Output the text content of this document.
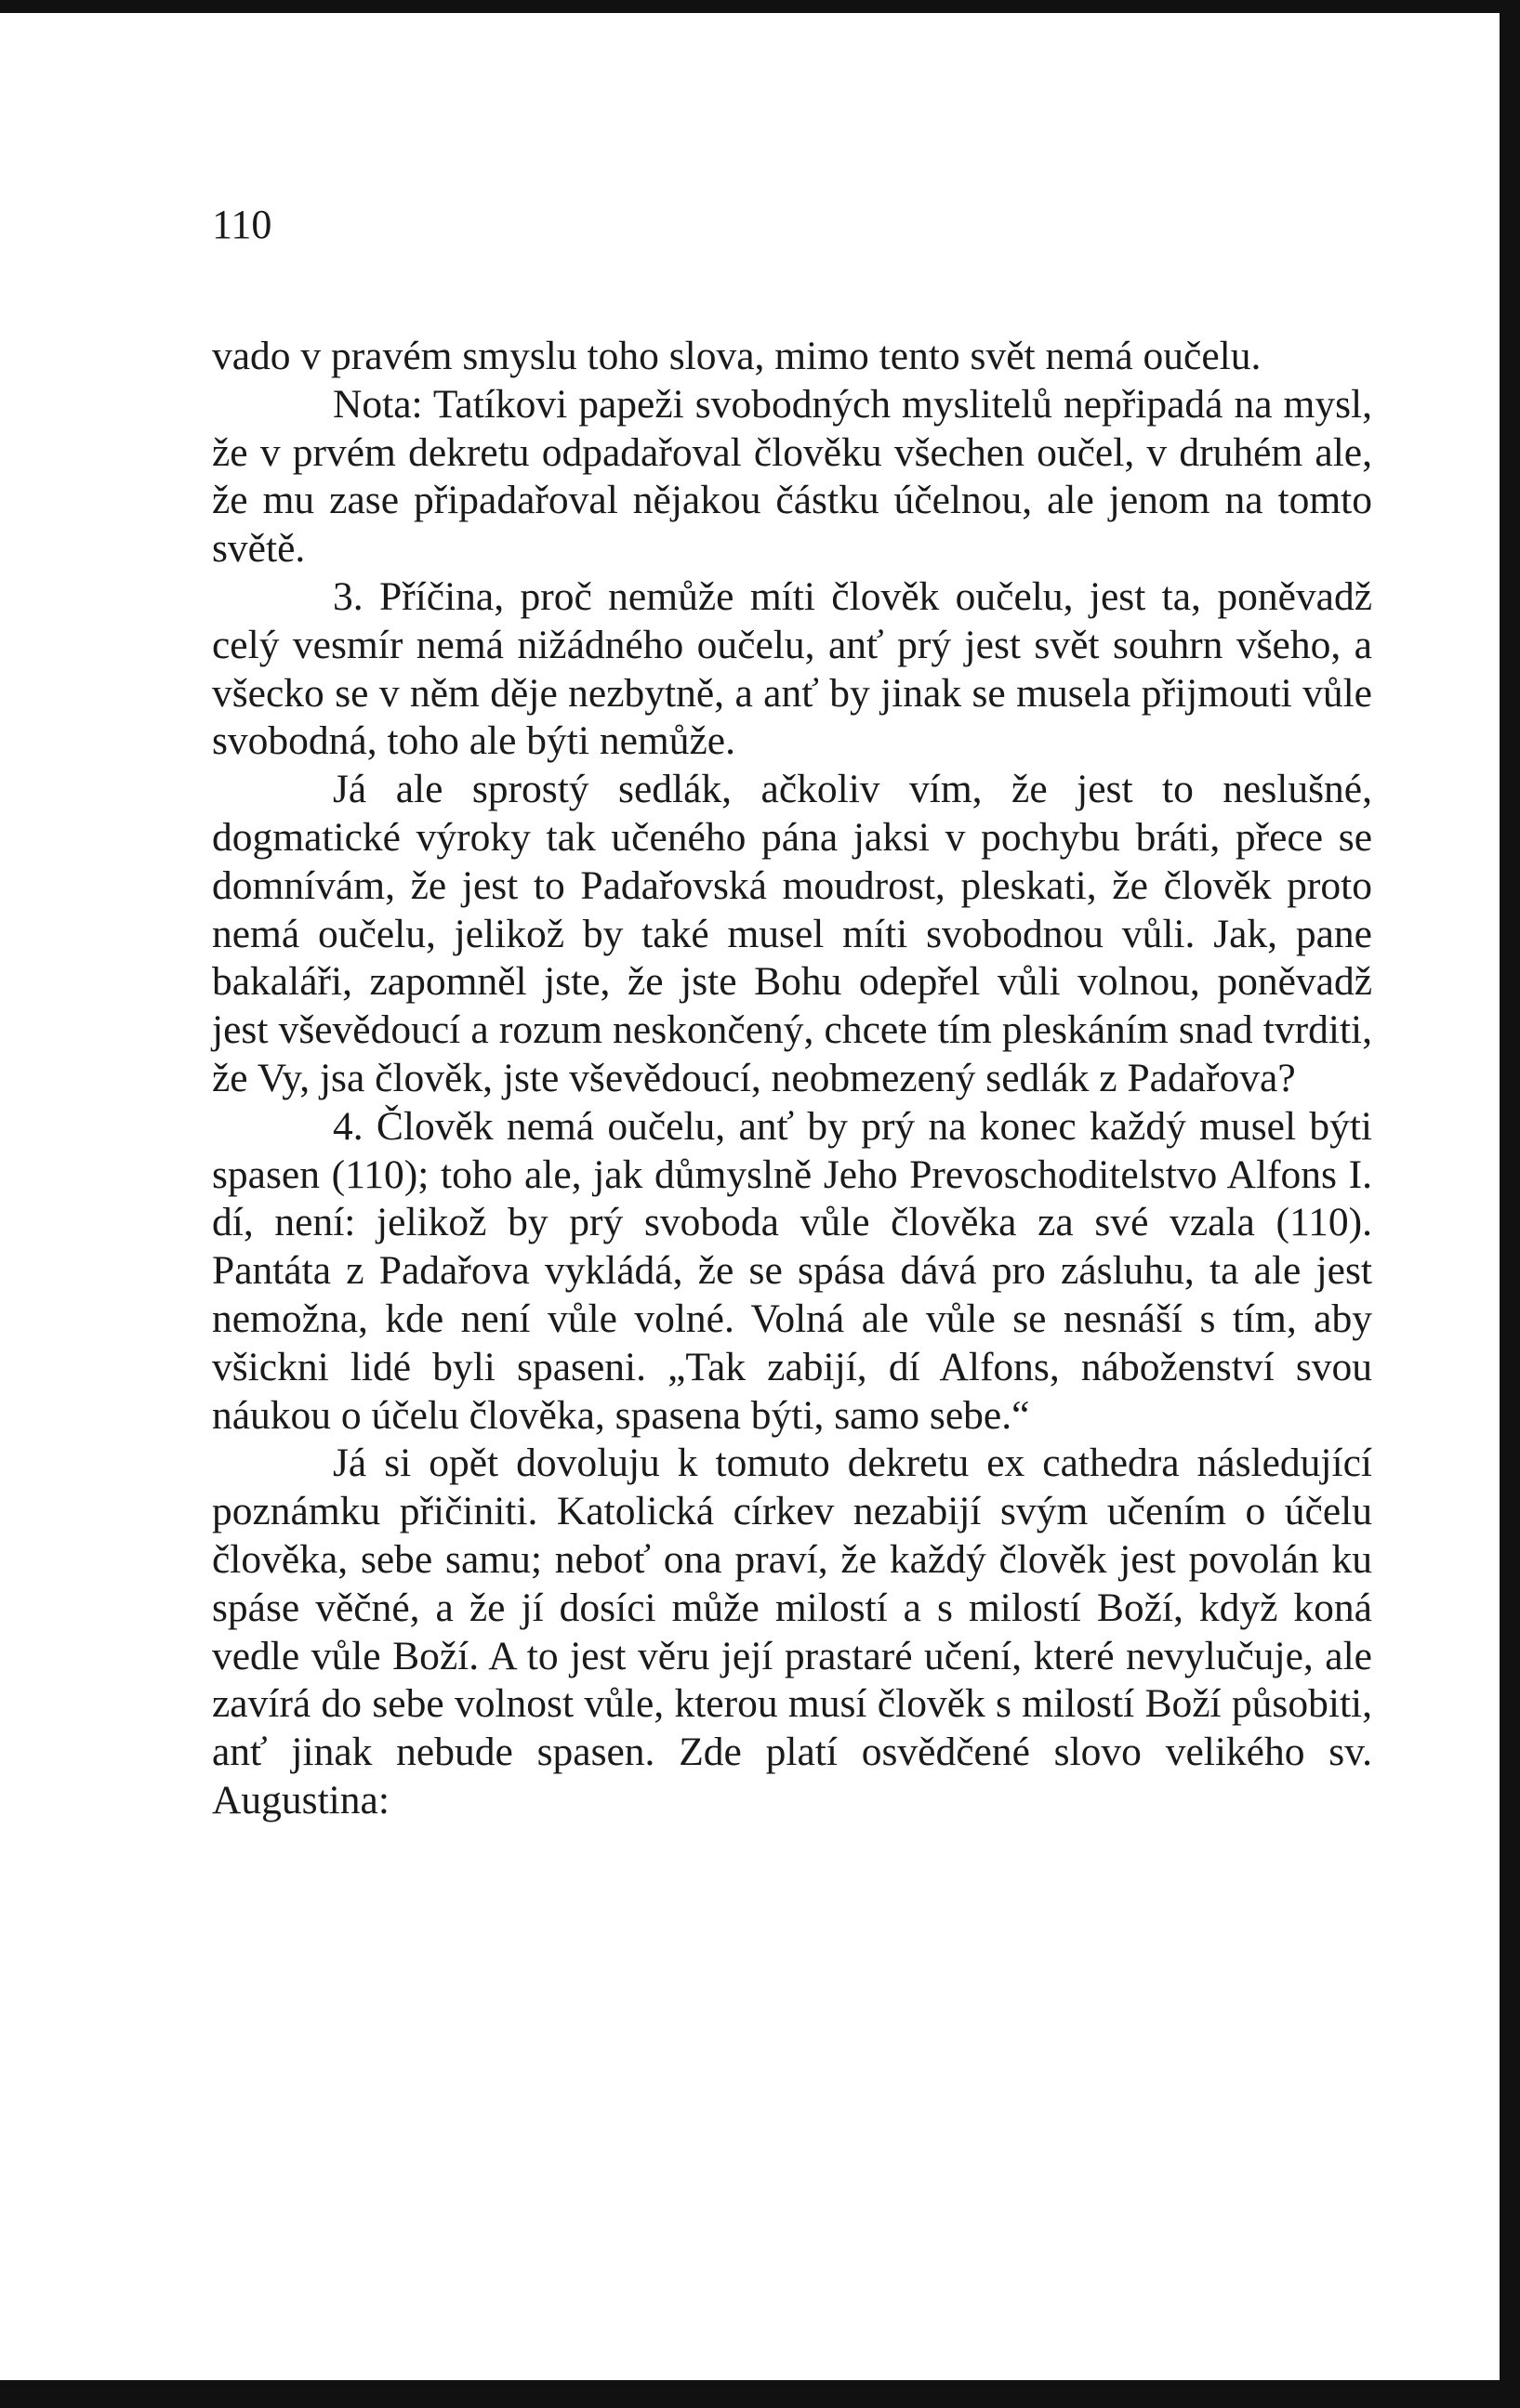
110

vado v pravém smyslu toho slova, mimo tento svět nemá oučelu.

Nota: Tatíkovi papeži svobodných myslitelů nepřipadá na mysl, že v prvém dekretu odpadařoval člověku všechen oučel, v druhém ale, že mu zase připadařoval nějakou částku účelnou, ale jenom na tomto světě.

3. Příčina, proč nemůže míti člověk oučelu, jest ta, poněvadž celý vesmír nemá nižádného oučelu, anť prý jest svět souhrn všeho, a všecko se v něm děje nezbytně, a anť by jinak se musela přijmouti vůle svobodná, toho ale býti nemůže.

Já ale sprostý sedlák, ačkoliv vím, že jest to neslušné, dogmatické výroky tak učeného pána jaksi v pochybu bráti, přece se domnívám, že jest to Padařovská moudrost, pleskati, že člověk proto nemá oučelu, jelikož by také musel míti svobodnou vůli. Jak, pane bakaláři, zapomněl jste, že jste Bohu odepřel vůli volnou, poněvadž jest vševědoucí a rozum neskončený, chcete tím pleskáním snad tvrditi, že Vy, jsa člověk, jste vševědoucí, neobmezený sedlák z Padařova?

4. Člověk nemá oučelu, anť by prý na konec každý musel býti spasen (110); toho ale, jak důmyslně Jeho Prevoschoditelstvo Alfons I. dí, není: jelikož by prý svoboda vůle člověka za své vzala (110). Pantáta z Padařova vykládá, že se spása dává pro zásluhu, ta ale jest nemožna, kde není vůle volné. Volná ale vůle se nesnáší s tím, aby všickni lidé byli spaseni. „Tak zabijí, dí Alfons, náboženství svou náukou o účelu člověka, spasena býti, samo sebe.“

Já si opět dovoluju k tomuto dekretu ex cathedra následující poznámku přičiniti. Katolická církev nezabijí svým učením o účelu člověka, sebe samu; neboť ona praví, že každý člověk jest povolán ku spáse věčné, a že jí dosíci může milostí a s milostí Boží, když koná vedle vůle Boží. A to jest věru její prastaré učení, které nevylučuje, ale zavírá do sebe volnost vůle, kterou musí člověk s milostí Boží působiti, anť jinak nebude spasen. Zde platí osvědčené slovo velikého sv. Augustina:
